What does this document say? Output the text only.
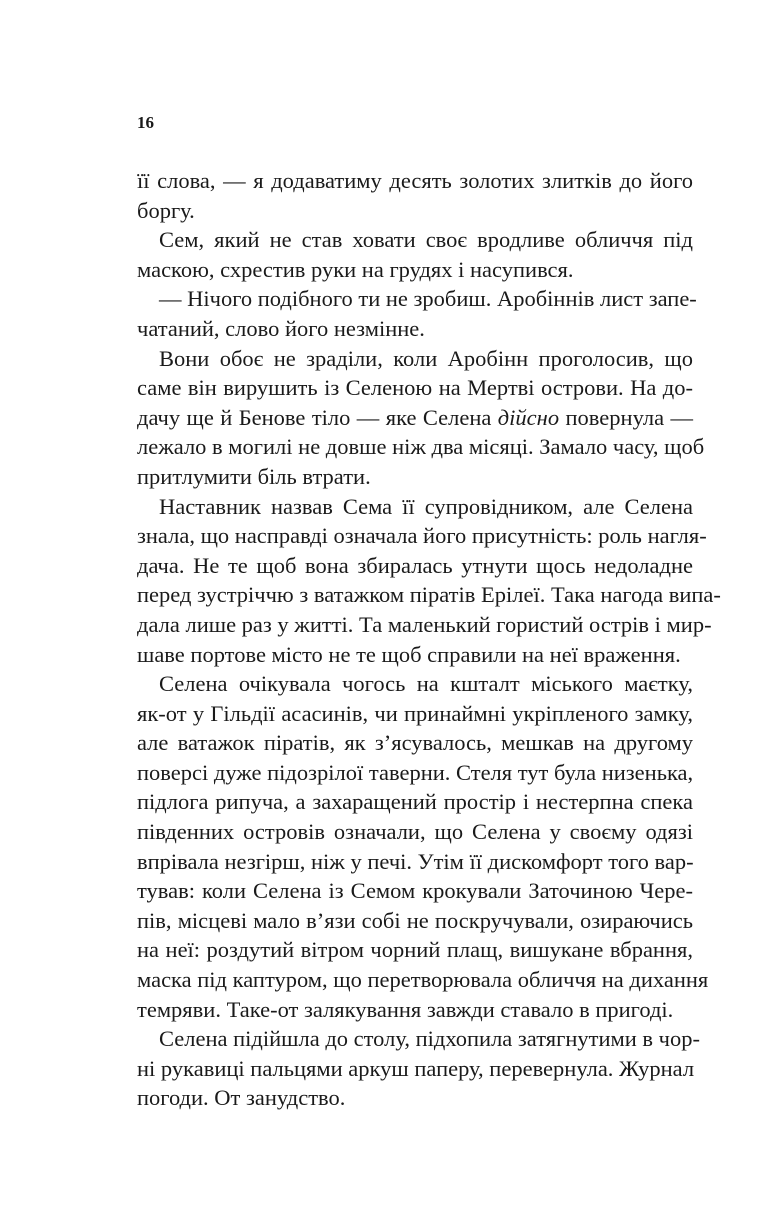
16
її слова, — я додаватиму десять золотих злитків до його
боргу.
Сем, який не став ховати своє вродливе обличчя під
маскою, схрестив руки на грудях і насупився.
— Нічого подібного ти не зробиш. Аробіннів лист запе-
чатаний, слово його незмінне.
Вони обоє не зраділи, коли Аробінн проголосив, що
саме він вирушить із Селеною на Мертві острови. На до-
дачу ще й Бенове тіло — яке Селена дійсно повернула —
лежало в могилі не довше ніж два місяці. Замало часу, щоб
притлумити біль втрати.
Наставник назвав Сема її супровідником, але Селена
знала, що насправді означала його присутність: роль нагля-
дача. Не те щоб вона збиралась утнути щось недоладне
перед зустріччю з ватажком піратів Ерілеї. Така нагода випа-
дала лише раз у житті. Та маленький гористий острів і мир-
шаве портове місто не те щоб справили на неї враження.
Селена очікувала чогось на кшталт міського маєтку,
як-от у Гільдії асасинів, чи принаймні укріпленого замку,
але ватажок піратів, як з’ясувалось, мешкав на другому
поверсі дуже підозрілої таверни. Стеля тут була низенька,
підлога рипуча, а захаращений простір і нестерпна спека
південних островів означали, що Селена у своєму одязі
впрівала незгірш, ніж у печі. Утім її дискомфорт того вар-
тував: коли Селена із Семом крокували Заточиною Чере-
пів, місцеві мало в’язи собі не поскручували, озираючись
на неї: роздутий вітром чорний плащ, вишукане вбрання,
маска під каптуром, що перетворювала обличчя на дихання
темряви. Таке-от залякування завжди ставало в пригоді.
Селена підійшла до столу, підхопила затягнутими в чор-
ні рукавиці пальцями аркуш паперу, перевернула. Журнал
погоди. От занудство.
